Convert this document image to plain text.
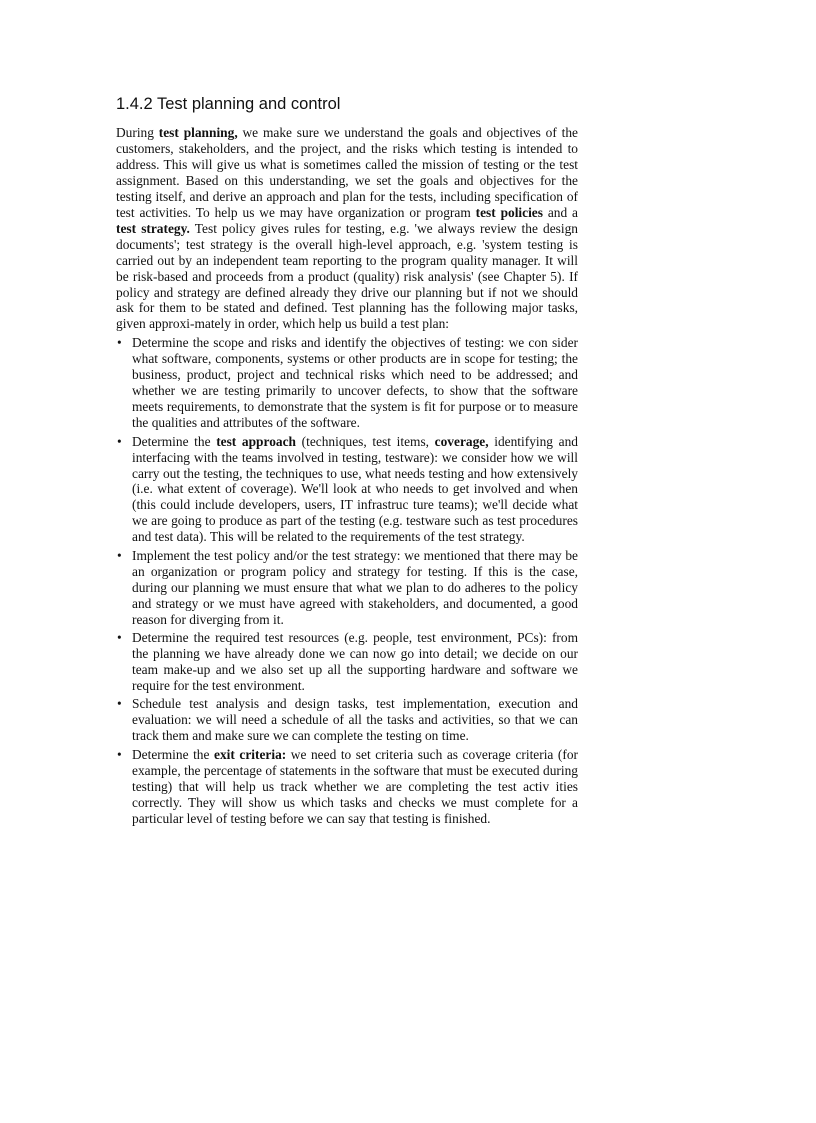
1.4.2 Test planning and control

During test planning, we make sure we understand the goals and objectives of the customers, stakeholders, and the project, and the risks which testing is intended to address. This will give us what is sometimes called the mission of testing or the test assignment. Based on this understanding, we set the goals and objectives for the testing itself, and derive an approach and plan for the tests, including specification of test activities. To help us we may have organization or program test policies and a test strategy. Test policy gives rules for testing, e.g. 'we always review the design documents'; test strategy is the overall high-level approach, e.g. 'system testing is carried out by an independent team reporting to the program quality manager. It will be risk-based and proceeds from a product (quality) risk analysis' (see Chapter 5). If policy and strategy are defined already they drive our planning but if not we should ask for them to be stated and defined. Test planning has the following major tasks, given approxi-mately in order, which help us build a test plan:

• Determine the scope and risks and identify the objectives of testing: we con sider what software, components, systems or other products are in scope for testing; the business, product, project and technical risks which need to be addressed; and whether we are testing primarily to uncover defects, to show that the software meets requirements, to demonstrate that the system is fit for purpose or to measure the qualities and attributes of the software.
• Determine the test approach (techniques, test items, coverage, identifying and interfacing with the teams involved in testing, testware): we consider how we will carry out the testing, the techniques to use, what needs testing and how extensively (i.e. what extent of coverage). We'll look at who needs to get involved and when (this could include developers, users, IT infrastruc ture teams); we'll decide what we are going to produce as part of the testing (e.g. testware such as test procedures and test data). This will be related to the requirements of the test strategy.
• Implement the test policy and/or the test strategy: we mentioned that there may be an organization or program policy and strategy for testing. If this is the case, during our planning we must ensure that what we plan to do adheres to the policy and strategy or we must have agreed with stakeholders, and documented, a good reason for diverging from it.
• Determine the required test resources (e.g. people, test environment, PCs): from the planning we have already done we can now go into detail; we decide on our team make-up and we also set up all the supporting hardware and software we require for the test environment.
• Schedule test analysis and design tasks, test implementation, execution and evaluation: we will need a schedule of all the tasks and activities, so that we can track them and make sure we can complete the testing on time.
• Determine the exit criteria: we need to set criteria such as coverage criteria (for example, the percentage of statements in the software that must be executed during testing) that will help us track whether we are completing the test activ ities correctly. They will show us which tasks and checks we must complete for a particular level of testing before we can say that testing is finished.
